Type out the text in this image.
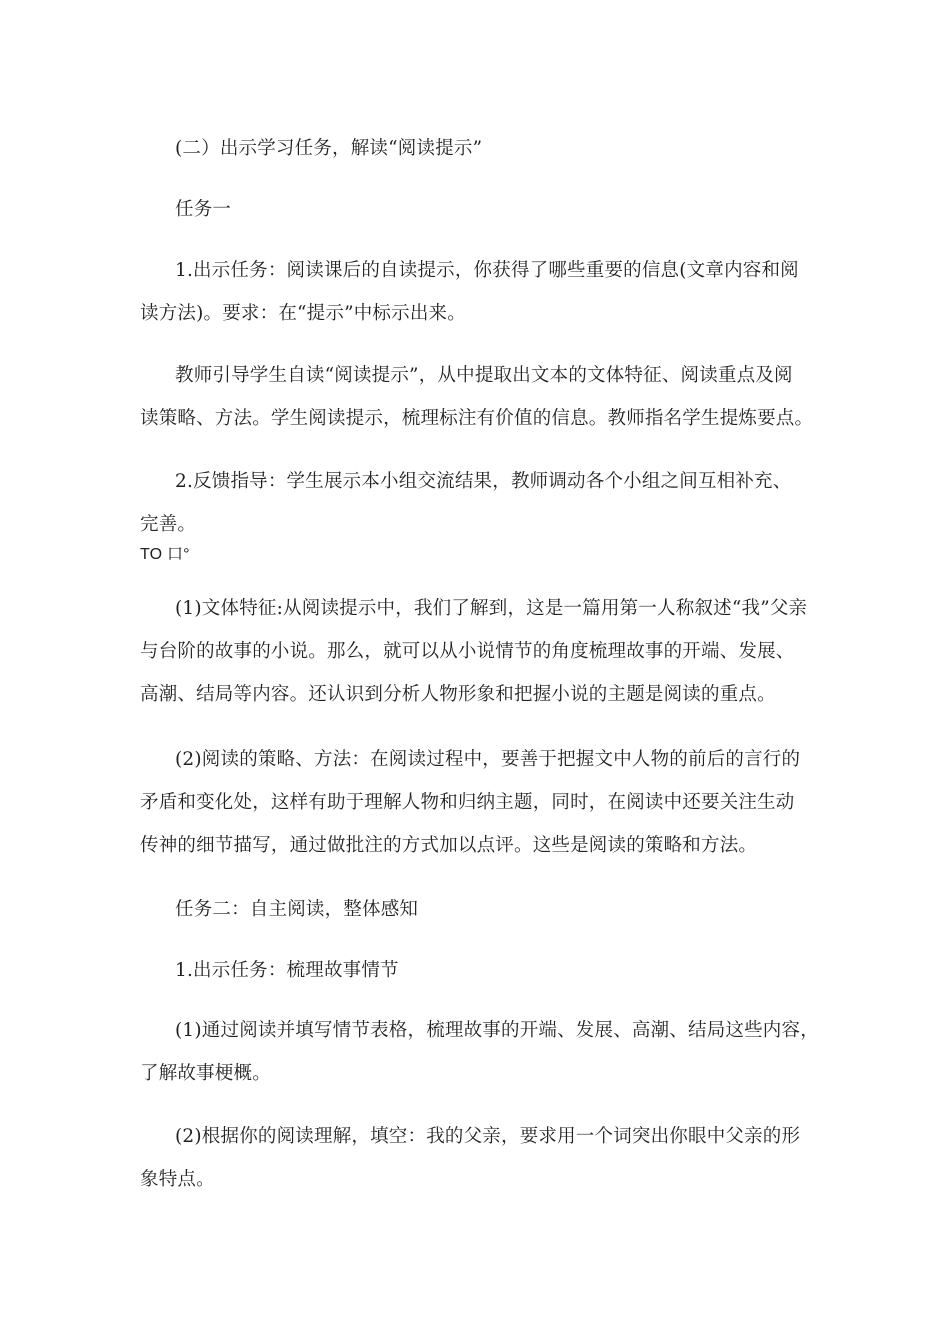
(二）出示学习任务，解读“阅读提示”
任务一
1.出示任务：阅读课后的自读提示，你获得了哪些重要的信息(文章内容和阅
读方法)。要求：在“提示”中标示出来。
教师引导学生自读“阅读提示”，从中提取出文本的文体特征、阅读重点及阅
读策略、方法。学生阅读提示，梳理标注有价值的信息。教师指名学生提炼要点。
2.反馈指导：学生展示本小组交流结果，教师调动各个小组之间互相补充、
完善。
TO 口°
(1)文体特征:从阅读提示中，我们了解到，这是一篇用第一人称叙述“我”父亲
与台阶的故事的小说。那么，就可以从小说情节的角度梳理故事的开端、发展、
高潮、结局等内容。还认识到分析人物形象和把握小说的主题是阅读的重点。
(2)阅读的策略、方法：在阅读过程中，要善于把握文中人物的前后的言行的
矛盾和变化处，这样有助于理解人物和归纳主题，同时，在阅读中还要关注生动
传神的细节描写，通过做批注的方式加以点评。这些是阅读的策略和方法。
任务二：自主阅读，整体感知
1.出示任务：梳理故事情节
(1)通过阅读并填写情节表格，梳理故事的开端、发展、高潮、结局这些内容，
了解故事梗概。
(2)根据你的阅读理解，填空：我的父亲，要求用一个词突出你眼中父亲的形
象特点。
